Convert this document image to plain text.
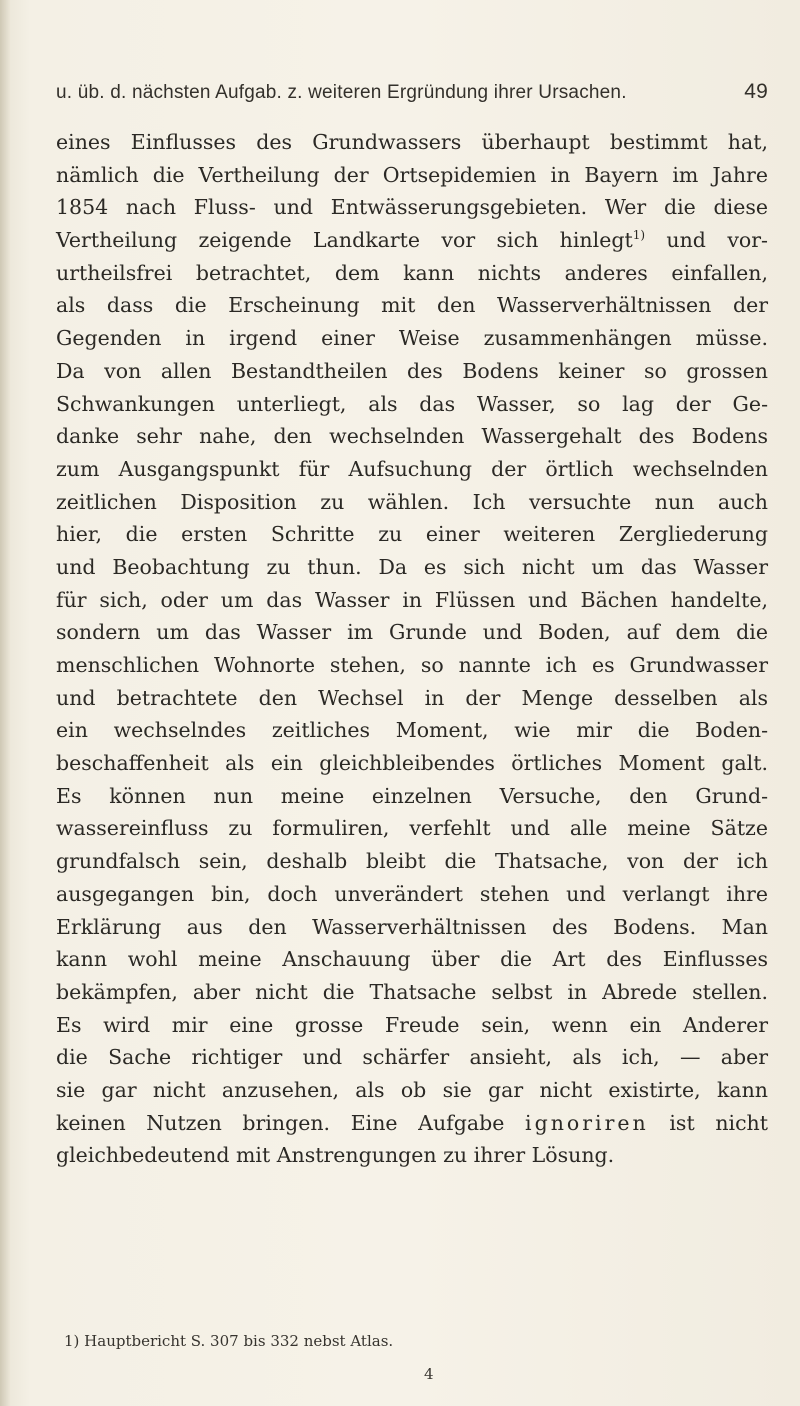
u. üb. d. nächsten Aufgab. z. weiteren Ergründung ihrer Ursachen.	49
eines Einflusses des Grundwassers überhaupt bestimmt hat,
nämlich die Vertheilung der Ortsepidemien in Bayern im Jahre
1854 nach Fluss- und Entwässerungsgebieten. Wer die diese
Vertheilung zeigende Landkarte vor sich hinlegt$^{1)}$ und vor-
urtheilsfrei betrachtet, dem kann nichts anderes einfallen,
als dass die Erscheinung mit den Wasserverhältnissen der
Gegenden in irgend einer Weise zusammenhängen müsse.
Da von allen Bestandtheilen des Bodens keiner so grossen
Schwankungen unterliegt, als das Wasser, so lag der Ge-
danke sehr nahe, den wechselnden Wassergehalt des Bodens
zum Ausgangspunkt für Aufsuchung der örtlich wechselnden
zeitlichen Disposition zu wählen. Ich versuchte nun auch
hier, die ersten Schritte zu einer weiteren Zergliederung
und Beobachtung zu thun. Da es sich nicht um das Wasser
für sich, oder um das Wasser in Flüssen und Bächen handelte,
sondern um das Wasser im Grunde und Boden, auf dem die
menschlichen Wohnorte stehen, so nannte ich es Grundwasser
und betrachtete den Wechsel in der Menge desselben als
ein wechselndes zeitliches Moment, wie mir die Boden-
beschaffenheit als ein gleichbleibendes örtliches Moment galt.
Es können nun meine einzelnen Versuche, den Grund-
wassereinfluss zu formuliren, verfehlt und alle meine Sätze
grundfalsch sein, deshalb bleibt die Thatsache, von der ich
ausgegangen bin, doch unverändert stehen und verlangt ihre
Erklärung aus den Wasserverhältnissen des Bodens. Man
kann wohl meine Anschauung über die Art des Einflusses
bekämpfen, aber nicht die Thatsache selbst in Abrede stellen.
Es wird mir eine grosse Freude sein, wenn ein Anderer
die Sache richtiger und schärfer ansieht, als ich, — aber
sie gar nicht anzusehen, als ob sie gar nicht existirte, kann
keinen Nutzen bringen. Eine Aufgabe ignoriren ist nicht
gleichbedeutend mit Anstrengungen zu ihrer Lösung.
1) Hauptbericht S. 307 bis 332 nebst Atlas.
4
